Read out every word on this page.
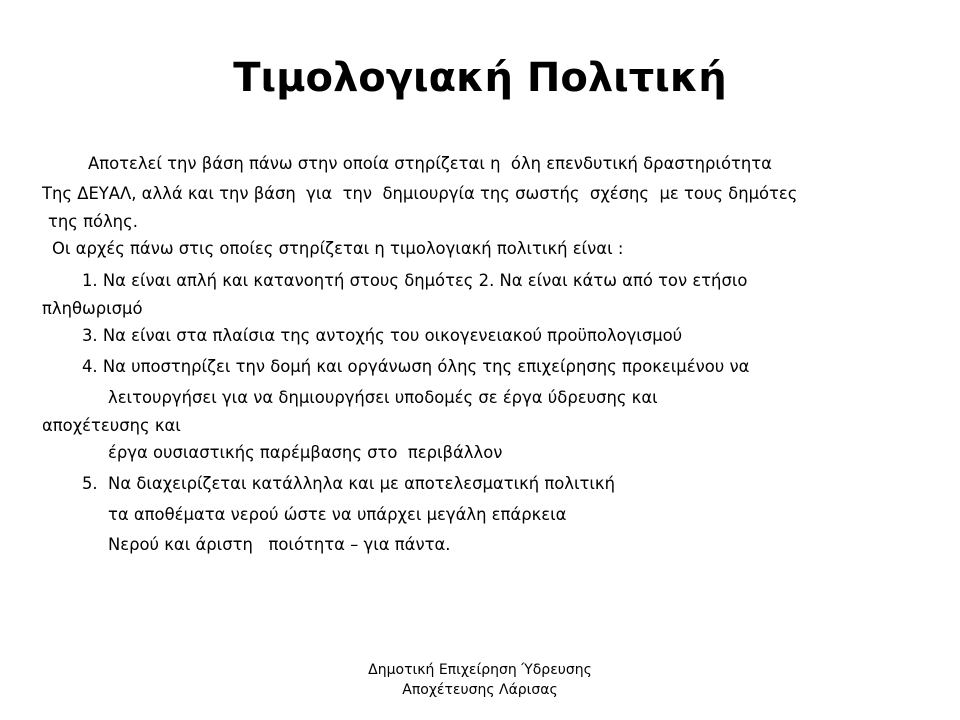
Τιμολογιακή Πολιτική
Αποτελεί την βάση πάνω στην οποία στηρίζεται η  όλη επενδυτική δραστηριότητα
Της ΔΕΥΑΛ, αλλά και την βάση  για  την  δημιουργία της σωστής  σχέσης  με τους δημότες
της πόλης.
Οι αρχές πάνω στις οποίες στηρίζεται η τιμολογιακή πολιτική είναι :
1. Να είναι απλή και κατανοητή στους δημότες 2. Να είναι κάτω από τον ετήσιο
πληθωρισμό
3. Να είναι στα πλαίσια της αντοχής του οικογενειακού προϋπολογισμού
4. Να υποστηρίζει την δομή και οργάνωση όλης της επιχείρησης προκειμένου να
λειτουργήσει για να δημιουργήσει υποδομές σε έργα ύδρευσης και
αποχέτευσης και
έργα ουσιαστικής παρέμβασης στο  περιβάλλον
5.  Να διαχειρίζεται κατάλληλα και με αποτελεσματική πολιτική
τα αποθέματα νερού ώστε να υπάρχει μεγάλη επάρκεια
Νερού και άριστη   ποιότητα – για πάντα.
Δημοτική Επιχείρηση Ύδρευσης
Αποχέτευσης Λάρισας
